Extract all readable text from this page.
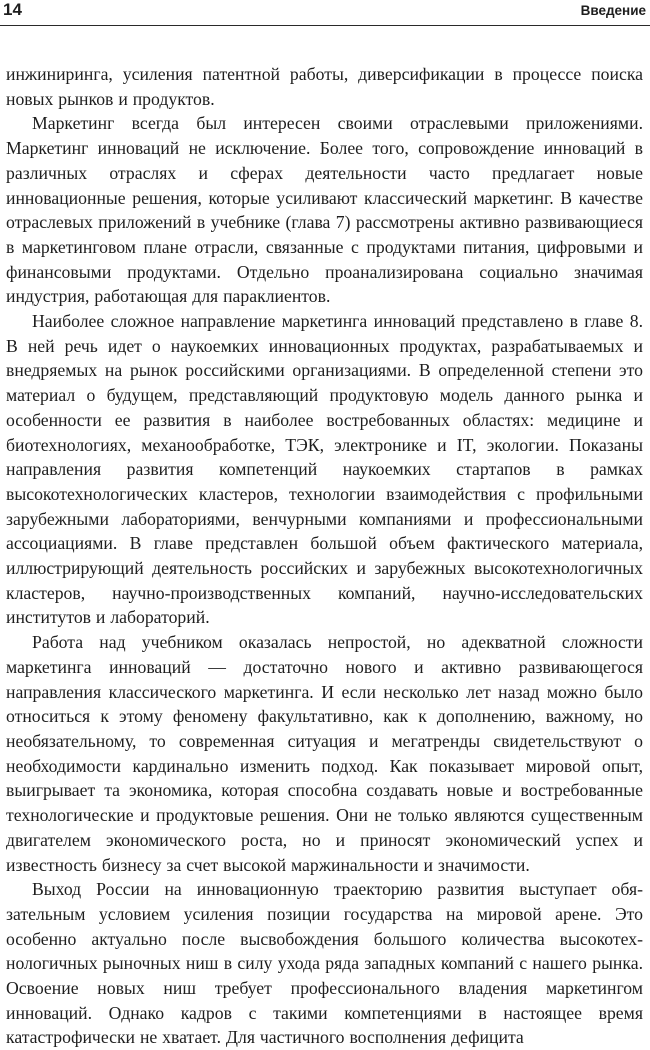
14	Введение

инжиниринга, усиления патентной работы, диверсификации в процессе поиска новых рынков и продуктов.

Маркетинг всегда был интересен своими отраслевыми приложениями. Маркетинг инноваций не исключение. Более того, сопровождение инноваций в различных отраслях и сферах деятельности часто предлагает новые инновационные решения, которые усиливают классический маркетинг. В качестве отраслевых приложений в учебнике (глава 7) рассмотрены активно развивающиеся в маркетинговом плане отрасли, связанные с продуктами питания, цифровыми и финансовыми продуктами. Отдельно проанализирована социально значимая индустрия, работающая для параклиентов.

Наиболее сложное направление маркетинга инноваций представлено в главе 8. В ней речь идет о наукоемких инновационных продуктах, разрабатываемых и внедряемых на рынок российскими организациями. В определенной степени это материал о будущем, представляющий продуктовую модель данного рынка и особенности ее развития в наиболее востребованных областях: медицине и биотехнологиях, механообработке, ТЭК, электронике и IT, экологии. Показаны направления развития компетенций наукоемких стартапов в рамках высокотехнологических кластеров, технологии взаимодействия с профильными зарубежными лабораториями, венчурными компаниями и профессиональными ассоциациями. В главе представлен большой объем фактического материала, иллюстрирующий деятельность российских и зарубежных высокотехнологичных кластеров, научно-производственных компаний, научно-исследовательских институтов и лабораторий.

Работа над учебником оказалась непростой, но адекватной сложности маркетинга инноваций — достаточно нового и активно развивающегося направления классического маркетинга. И если несколько лет назад можно было относиться к этому феномену факультативно, как к дополнению, важному, но необязательному, то современная ситуация и мегатренды свидетельствуют о необходимости кардинально изменить подход. Как показывает мировой опыт, выигрывает та экономика, которая способна создавать новые и востребованные технологические и продуктовые решения. Они не только являются существенным двигателем экономического роста, но и приносят экономический успех и известность бизнесу за счет высокой маржинальности и значимости.

Выход России на инновационную траекторию развития выступает обязательным условием усиления позиции государства на мировой арене. Это особенно актуально после высвобождения большого количества высокотехнологичных рыночных ниш в силу ухода ряда западных компаний с нашего рынка. Освоение новых ниш требует профессионального владения маркетингом инноваций. Однако кадров с такими компетенциями в настоящее время катастрофически не хватает. Для частичного восполнения дефицита
